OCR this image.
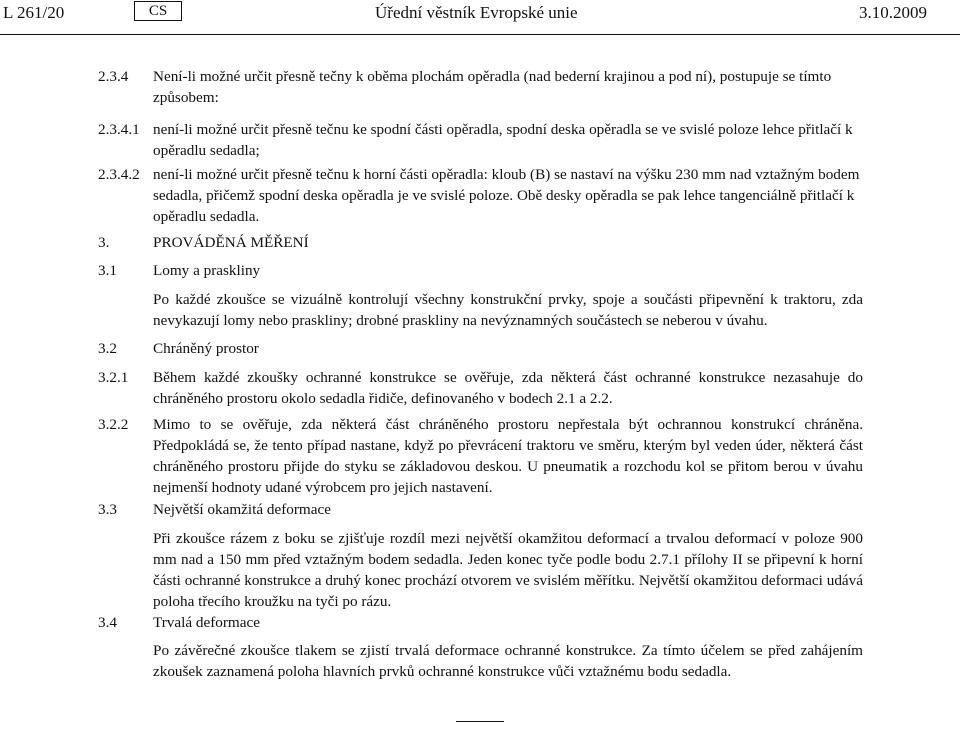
L 261/20	CS	Úřední věstník Evropské unie	3.10.2009
2.3.4 Není-li možné určit přesně tečny k oběma plochám opěradla (nad bederní krajinou a pod ní), postupuje se tímto způsobem:
2.3.4.1 není-li možné určit přesně tečnu ke spodní části opěradla, spodní deska opěradla se ve svislé poloze lehce přitlačí k opěradlu sedadla;
2.3.4.2 není-li možné určit přesně tečnu k horní části opěradla: kloub (B) se nastaví na výšku 230 mm nad vztažným bodem sedadla, přičemž spodní deska opěradla je ve svislé poloze. Obě desky opěradla se pak lehce tangenciálně přitlačí k opěradlu sedadla.
3.	PROVÁDĚNÁ MĚŘENÍ
3.1 Lomy a praskliny
Po každé zkoušce se vizuálně kontrolují všechny konstrukční prvky, spoje a součásti připevnění k traktoru, zda nevykazují lomy nebo praskliny; drobné praskliny na nevýznamných součástech se neberou v úvahu.
3.2 Chráněný prostor
3.2.1 Během každé zkoušky ochranné konstrukce se ověřuje, zda některá část ochranné konstrukce nezasahuje do chráněného prostoru okolo sedadla řidiče, definovaného v bodech 2.1 a 2.2.
3.2.2 Mimo to se ověřuje, zda některá část chráněného prostoru nepřestala být ochrannou konstrukcí chráněna. Předpokládá se, že tento případ nastane, když po převrácení traktoru ve směru, kterým byl veden úder, některá část chráněného prostoru přijde do styku se základovou deskou. U pneumatik a rozchodu kol se přitom berou v úvahu nejmenší hodnoty udané výrobcem pro jejich nastavení.
3.3 Největší okamžitá deformace
Při zkoušce rázem z boku se zjišťuje rozdíl mezi největší okamžitou deformací a trvalou deformací v poloze 900 mm nad a 150 mm před vztažným bodem sedadla. Jeden konec tyče podle bodu 2.7.1 přílohy II se připevní k horní části ochranné konstrukce a druhý konec prochází otvorem ve svislém měřítku. Největší okamžitou deformaci udává poloha třecího kroužku na tyči po rázu.
3.4 Trvalá deformace
Po závěrečné zkoušce tlakem se zjistí trvalá deformace ochranné konstrukce. Za tímto účelem se před zahájením zkoušek zaznamená poloha hlavních prvků ochranné konstrukce vůči vztažnému bodu sedadla.
